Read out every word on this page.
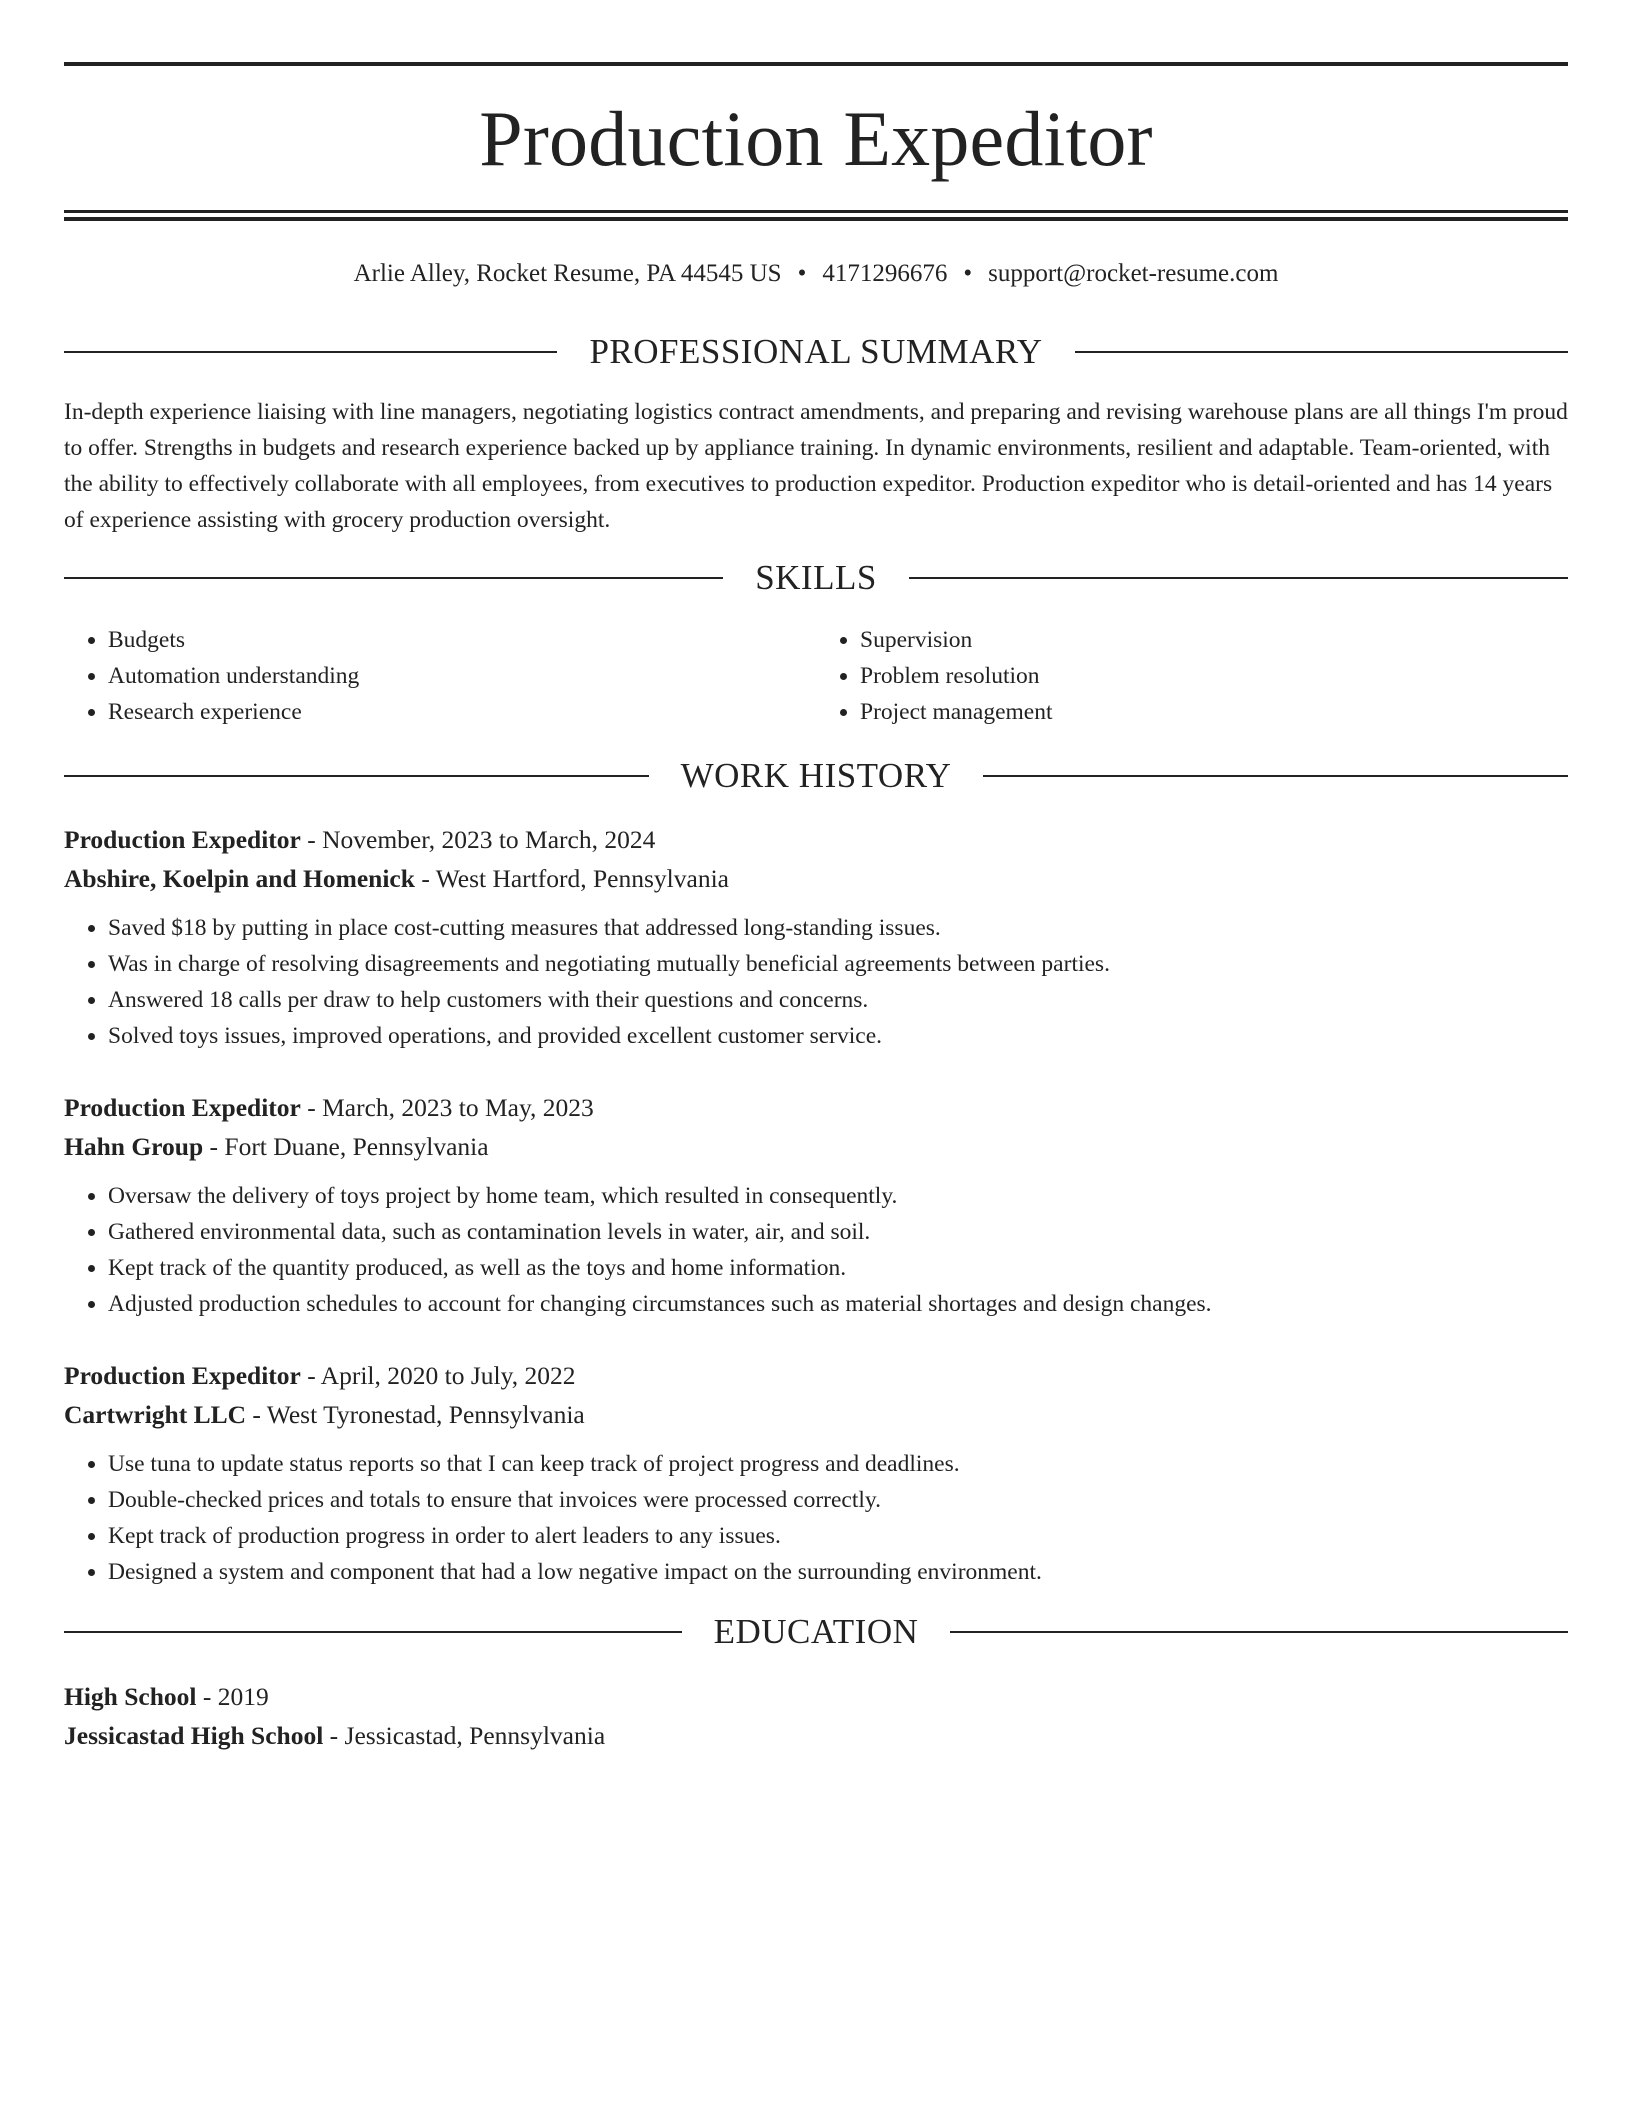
Production Expeditor
Arlie Alley, Rocket Resume, PA 44545 US • 4171296676 • support@rocket-resume.com
PROFESSIONAL SUMMARY
In-depth experience liaising with line managers, negotiating logistics contract amendments, and preparing and revising warehouse plans are all things I'm proud to offer. Strengths in budgets and research experience backed up by appliance training. In dynamic environments, resilient and adaptable. Team-oriented, with the ability to effectively collaborate with all employees, from executives to production expeditor. Production expeditor who is detail-oriented and has 14 years of experience assisting with grocery production oversight.
SKILLS
• Budgets
• Automation understanding
• Research experience
• Supervision
• Problem resolution
• Project management
WORK HISTORY
Production Expeditor - November, 2023 to March, 2024
Abshire, Koelpin and Homenick - West Hartford, Pennsylvania
• Saved $18 by putting in place cost-cutting measures that addressed long-standing issues.
• Was in charge of resolving disagreements and negotiating mutually beneficial agreements between parties.
• Answered 18 calls per draw to help customers with their questions and concerns.
• Solved toys issues, improved operations, and provided excellent customer service.
Production Expeditor - March, 2023 to May, 2023
Hahn Group - Fort Duane, Pennsylvania
• Oversaw the delivery of toys project by home team, which resulted in consequently.
• Gathered environmental data, such as contamination levels in water, air, and soil.
• Kept track of the quantity produced, as well as the toys and home information.
• Adjusted production schedules to account for changing circumstances such as material shortages and design changes.
Production Expeditor - April, 2020 to July, 2022
Cartwright LLC - West Tyronestad, Pennsylvania
• Use tuna to update status reports so that I can keep track of project progress and deadlines.
• Double-checked prices and totals to ensure that invoices were processed correctly.
• Kept track of production progress in order to alert leaders to any issues.
• Designed a system and component that had a low negative impact on the surrounding environment.
EDUCATION
High School - 2019
Jessicastad High School - Jessicastad, Pennsylvania
